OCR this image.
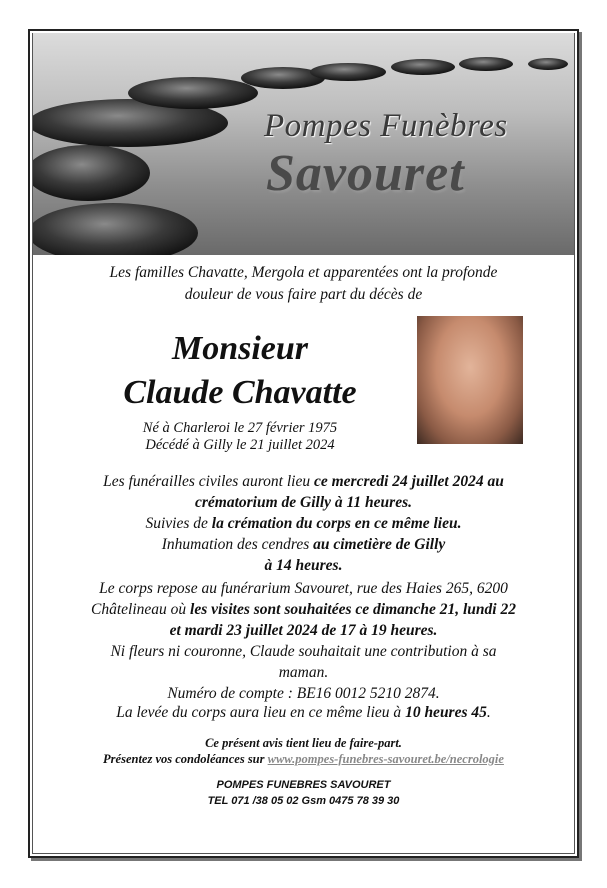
Pompes Funèbres
Savouret

Les familles Chavatte, Mergola et apparentées ont la profonde
douleur de vous faire part du décès de

Monsieur
Claude Chavatte
Né à Charleroi le 27 février 1975
Décédé à Gilly le 21 juillet 2024

Les funérailles civiles auront lieu ce mercredi 24 juillet 2024 au
crématorium de Gilly à 11 heures.
Suivies de la crémation du corps en ce même lieu.
Inhumation des cendres au cimetière de Gilly
à 14 heures.

Le corps repose au funérarium Savouret, rue des Haies 265, 6200
Châtelineau où les visites sont souhaitées ce dimanche 21, lundi 22
et mardi 23 juillet 2024 de 17 à 19 heures.
Ni fleurs ni couronne, Claude souhaitait une contribution à sa
maman.
Numéro de compte : BE16 0012 5210 2874.

La levée du corps aura lieu en ce même lieu à 10 heures 45.

Ce présent avis tient lieu de faire-part.

Présentez vos condoléances sur www.pompes-funebres-savouret.be/necrologie

POMPES FUNEBRES SAVOURET

TEL 071 /38 05 02 Gsm 0475 78 39 30
